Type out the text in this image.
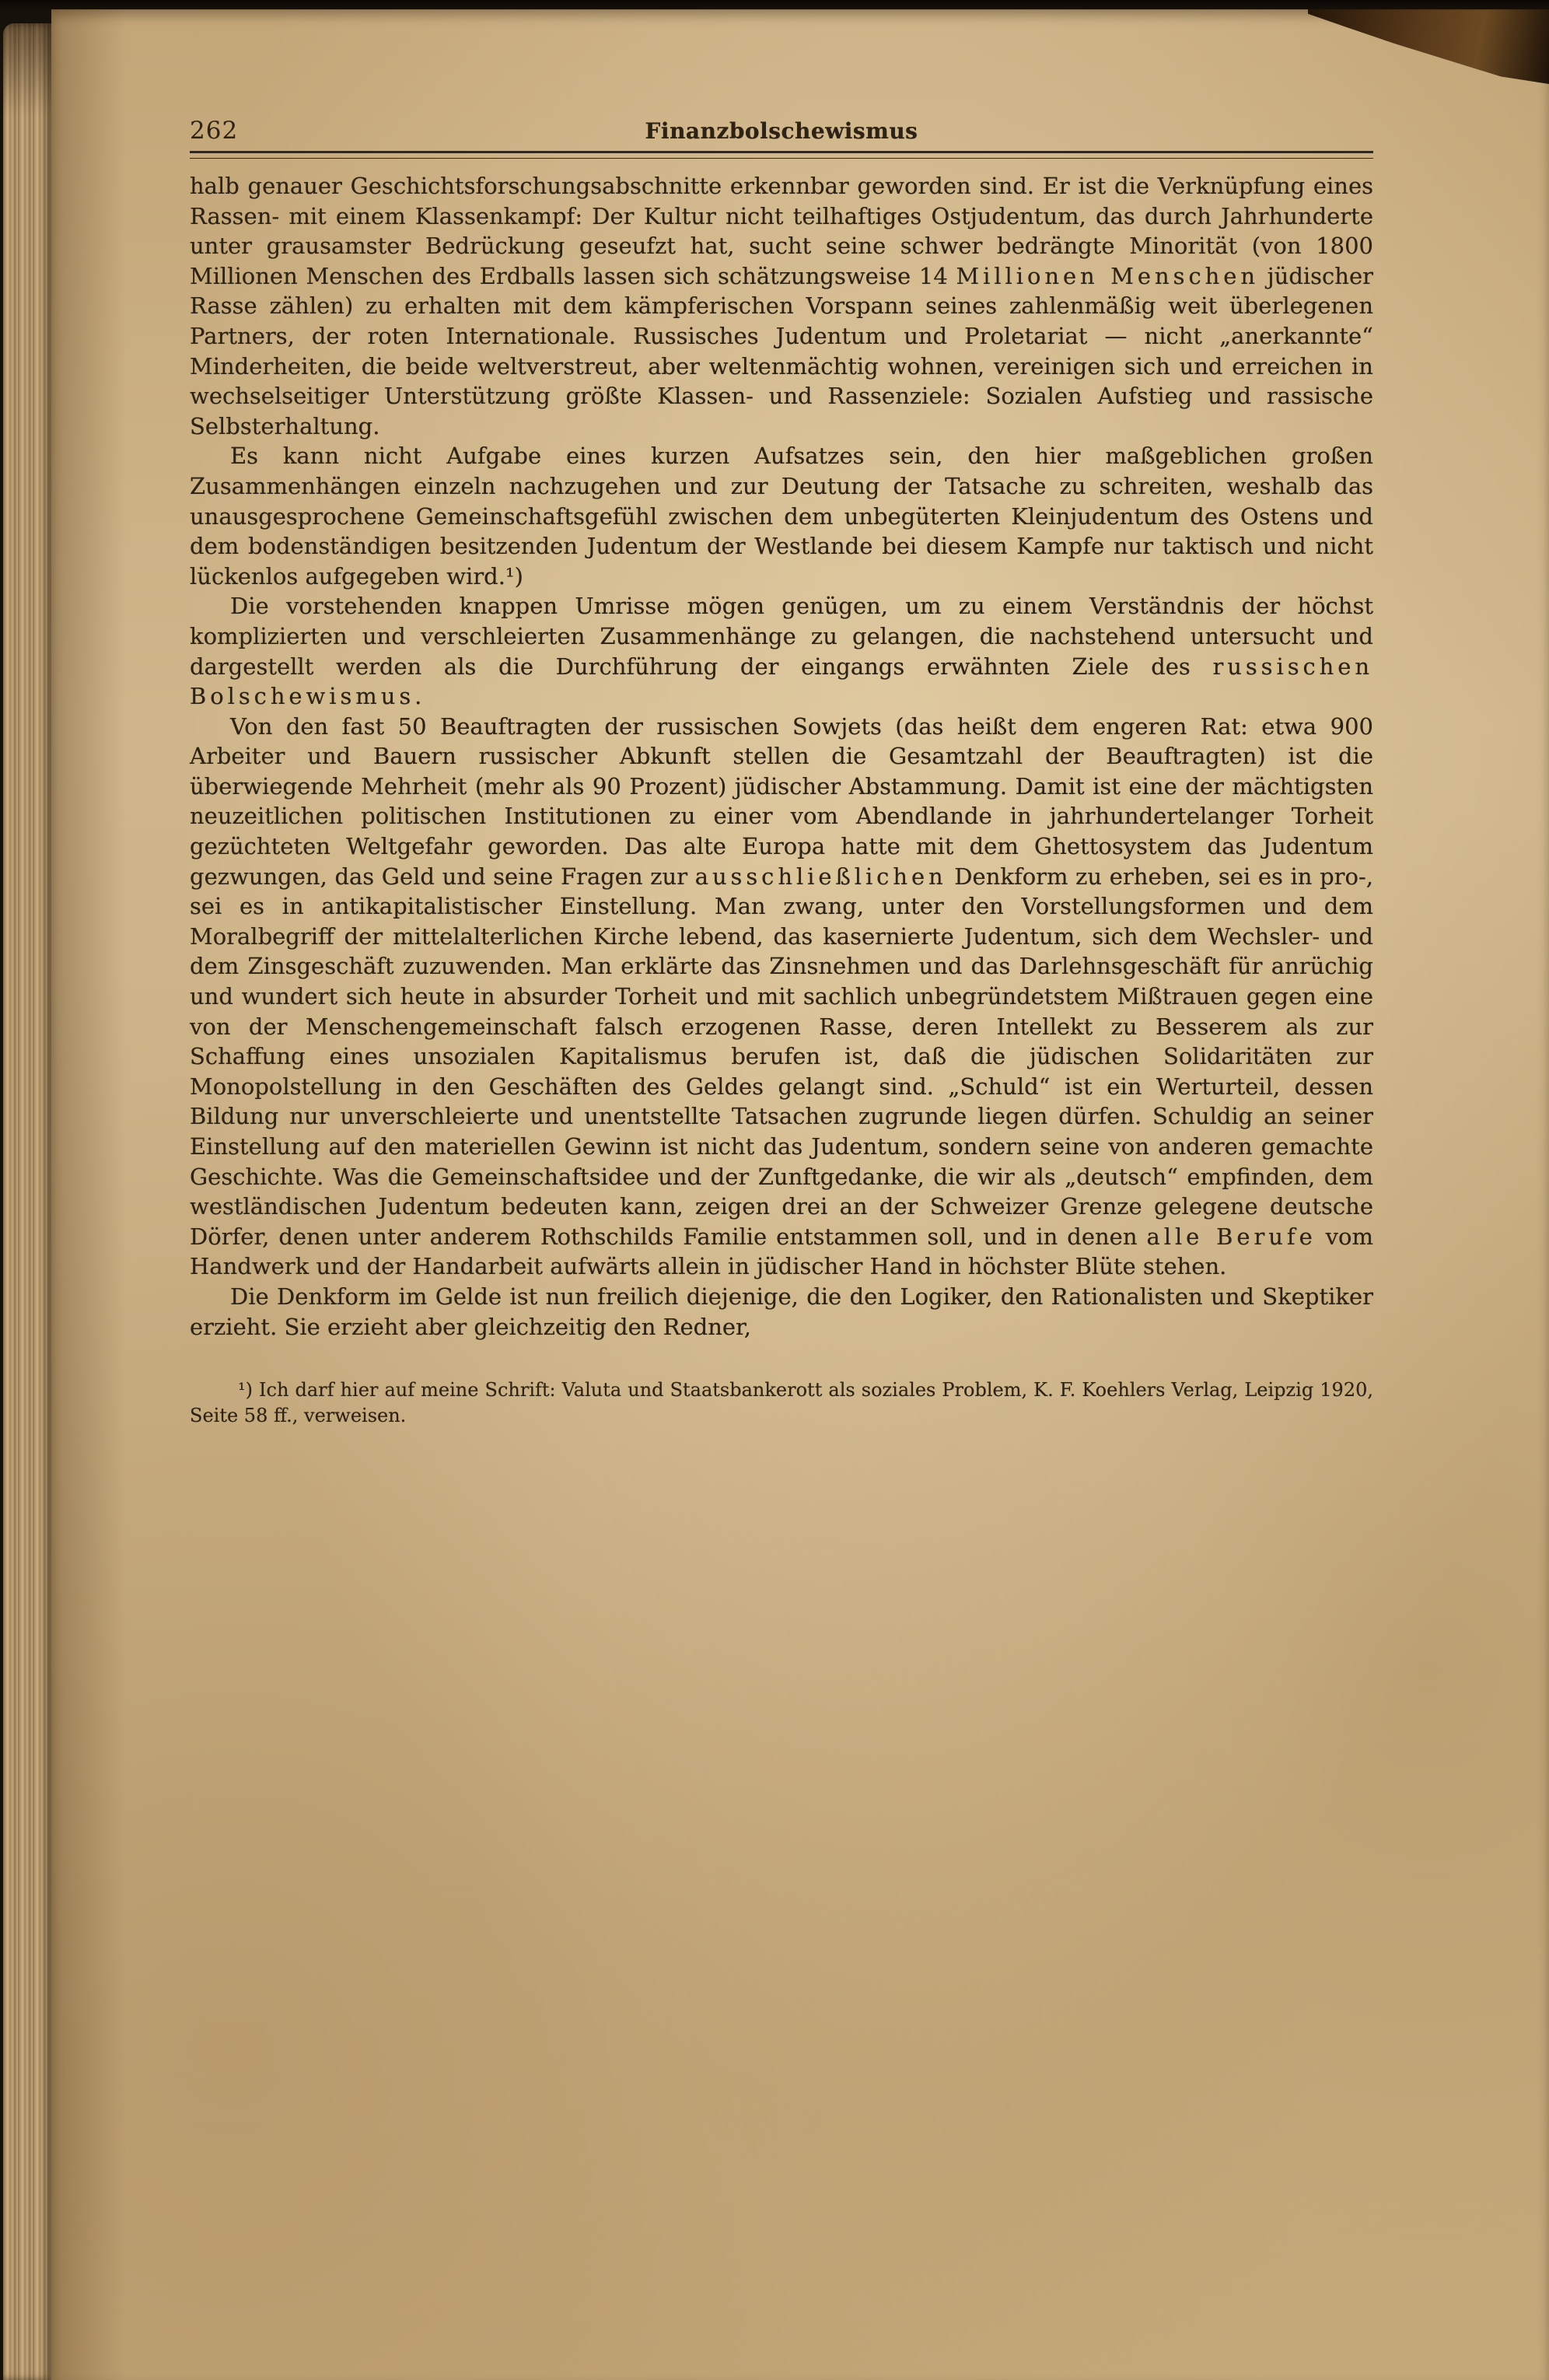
262	Finanzbolschewismus

halb genauer Geschichtsforschungsabschnitte erkennbar geworden sind. Er ist die Verknüpfung eines Rassen- mit einem Klassenkampf: Der Kultur nicht teilhaftiges Ostjudentum, das durch Jahrhunderte unter grausamster Bedrückung geseufzt hat, sucht seine schwer bedrängte Minorität (von 1800 Millionen Menschen des Erdballs lassen sich schätzungsweise 14 Millionen Menschen jüdischer Rasse zählen) zu erhalten mit dem kämpferischen Vorspann seines zahlenmäßig weit überlegenen Partners, der roten Internationale. Russisches Judentum und Proletariat — nicht „anerkannte“ Minderheiten, die beide weltverstreut, aber weltenmächtig wohnen, vereinigen sich und erreichen in wechselseitiger Unterstützung größte Klassen- und Rassenziele: Sozialen Aufstieg und rassische Selbsterhaltung.

Es kann nicht Aufgabe eines kurzen Aufsatzes sein, den hier maßgeblichen großen Zusammenhängen einzeln nachzugehen und zur Deutung der Tatsache zu schreiten, weshalb das unausgesprochene Gemeinschaftsgefühl zwischen dem unbegüterten Kleinjudentum des Ostens und dem bodenständigen besitzenden Judentum der Westlande bei diesem Kampfe nur taktisch und nicht lückenlos aufgegeben wird.¹)

Die vorstehenden knappen Umrisse mögen genügen, um zu einem Verständnis der höchst komplizierten und verschleierten Zusammenhänge zu gelangen, die nachstehend untersucht und dargestellt werden als die Durchführung der eingangs erwähnten Ziele des russischen Bolschewismus.

Von den fast 50 Beauftragten der russischen Sowjets (das heißt dem engeren Rat: etwa 900 Arbeiter und Bauern russischer Abkunft stellen die Gesamtzahl der Beauftragten) ist die überwiegende Mehrheit (mehr als 90 Prozent) jüdischer Abstammung. Damit ist eine der mächtigsten neuzeitlichen politischen Institutionen zu einer vom Abendlande in jahrhundertelanger Torheit gezüchteten Weltgefahr geworden. Das alte Europa hatte mit dem Ghettosystem das Judentum gezwungen, das Geld und seine Fragen zur ausschließlichen Denkform zu erheben, sei es in pro-, sei es in antikapitalistischer Einstellung. Man zwang, unter den Vorstellungsformen und dem Moralbegriff der mittelalterlichen Kirche lebend, das kasernierte Judentum, sich dem Wechsler- und dem Zinsgeschäft zuzuwenden. Man erklärte das Zinsnehmen und das Darlehnsgeschäft für anrüchig und wundert sich heute in absurder Torheit und mit sachlich unbegründetstem Mißtrauen gegen eine von der Menschengemeinschaft falsch erzogenen Rasse, deren Intellekt zu Besserem als zur Schaffung eines unsozialen Kapitalismus berufen ist, daß die jüdischen Solidaritäten zur Monopolstellung in den Geschäften des Geldes gelangt sind. „Schuld“ ist ein Werturteil, dessen Bildung nur unverschleierte und unentstellte Tatsachen zugrunde liegen dürfen. Schuldig an seiner Einstellung auf den materiellen Gewinn ist nicht das Judentum, sondern seine von anderen gemachte Geschichte. Was die Gemeinschaftsidee und der Zunftgedanke, die wir als „deutsch“ empfinden, dem westländischen Judentum bedeuten kann, zeigen drei an der Schweizer Grenze gelegene deutsche Dörfer, denen unter anderem Rothschilds Familie entstammen soll, und in denen alle Berufe vom Handwerk und der Handarbeit aufwärts allein in jüdischer Hand in höchster Blüte stehen.

Die Denkform im Gelde ist nun freilich diejenige, die den Logiker, den Rationalisten und Skeptiker erzieht. Sie erzieht aber gleichzeitig den Redner,

¹) Ich darf hier auf meine Schrift: Valuta und Staatsbankerott als soziales Problem, K. F. Koehlers Verlag, Leipzig 1920, Seite 58 ff., verweisen.
